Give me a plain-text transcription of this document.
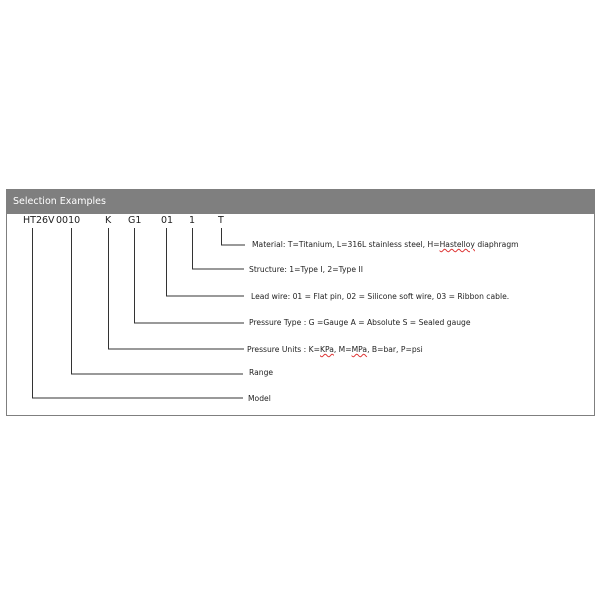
Selection Examples
HT26V 0010	K G1 01 1 T
Material: T=Titanium, L=316L stainless steel, H=Hastelloy diaphragm
Structure: 1=Type I, 2=Type II
Lead wire: 01 = Flat pin, 02 = Silicone soft wire, 03 = Ribbon cable.
Pressure Type : G =Gauge A = Absolute S = Sealed gauge
Pressure Units : K=KPa, M=MPa, B=bar, P=psi
Range
Model
